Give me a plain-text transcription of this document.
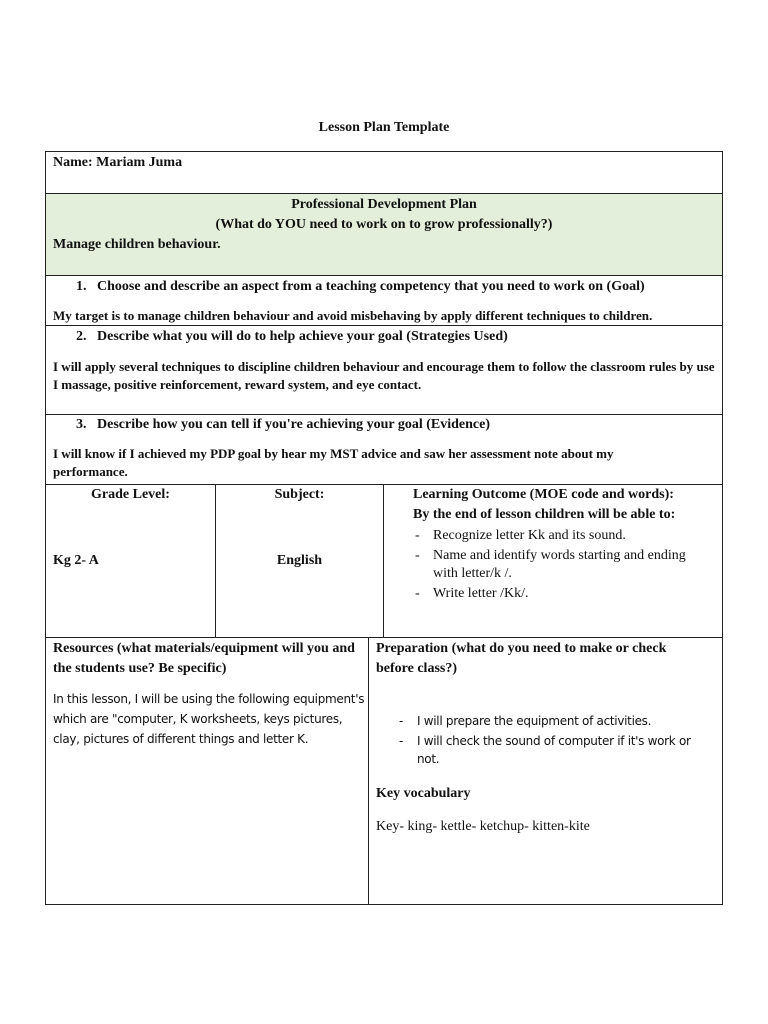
Lesson Plan Template
Name: Mariam Juma
Professional Development Plan
(What do YOU need to work on to grow professionally?)
Manage children behaviour.
1. Choose and describe an aspect from a teaching competency that you need to work on (Goal)
My target is to manage children behaviour and avoid misbehaving by apply different techniques to children.
2. Describe what you will do to help achieve your goal (Strategies Used)
I will apply several techniques to discipline children behaviour and encourage them to follow the classroom rules by use I massage, positive reinforcement, reward system, and eye contact.
3. Describe how you can tell if you're achieving your goal (Evidence)
I will know if I achieved my PDP goal by hear my MST advice and saw her assessment note about my performance.
Grade Level:
Kg 2- A
Subject:
English
Learning Outcome (MOE code and words):
By the end of lesson children will be able to:
- Recognize letter Kk and its sound.
- Name and identify words starting and ending with letter/k /.
- Write letter /Kk/.
Resources (what materials/equipment will you and the students use? Be specific)
In this lesson, I will be using the following equipment's which are "computer, K worksheets, keys pictures, clay, pictures of different things and letter K.
Preparation (what do you need to make or check before class?)
- I will prepare the equipment of activities.
- I will check the sound of computer if it's work or not.
Key vocabulary
Key- king- kettle- ketchup- kitten-kite
